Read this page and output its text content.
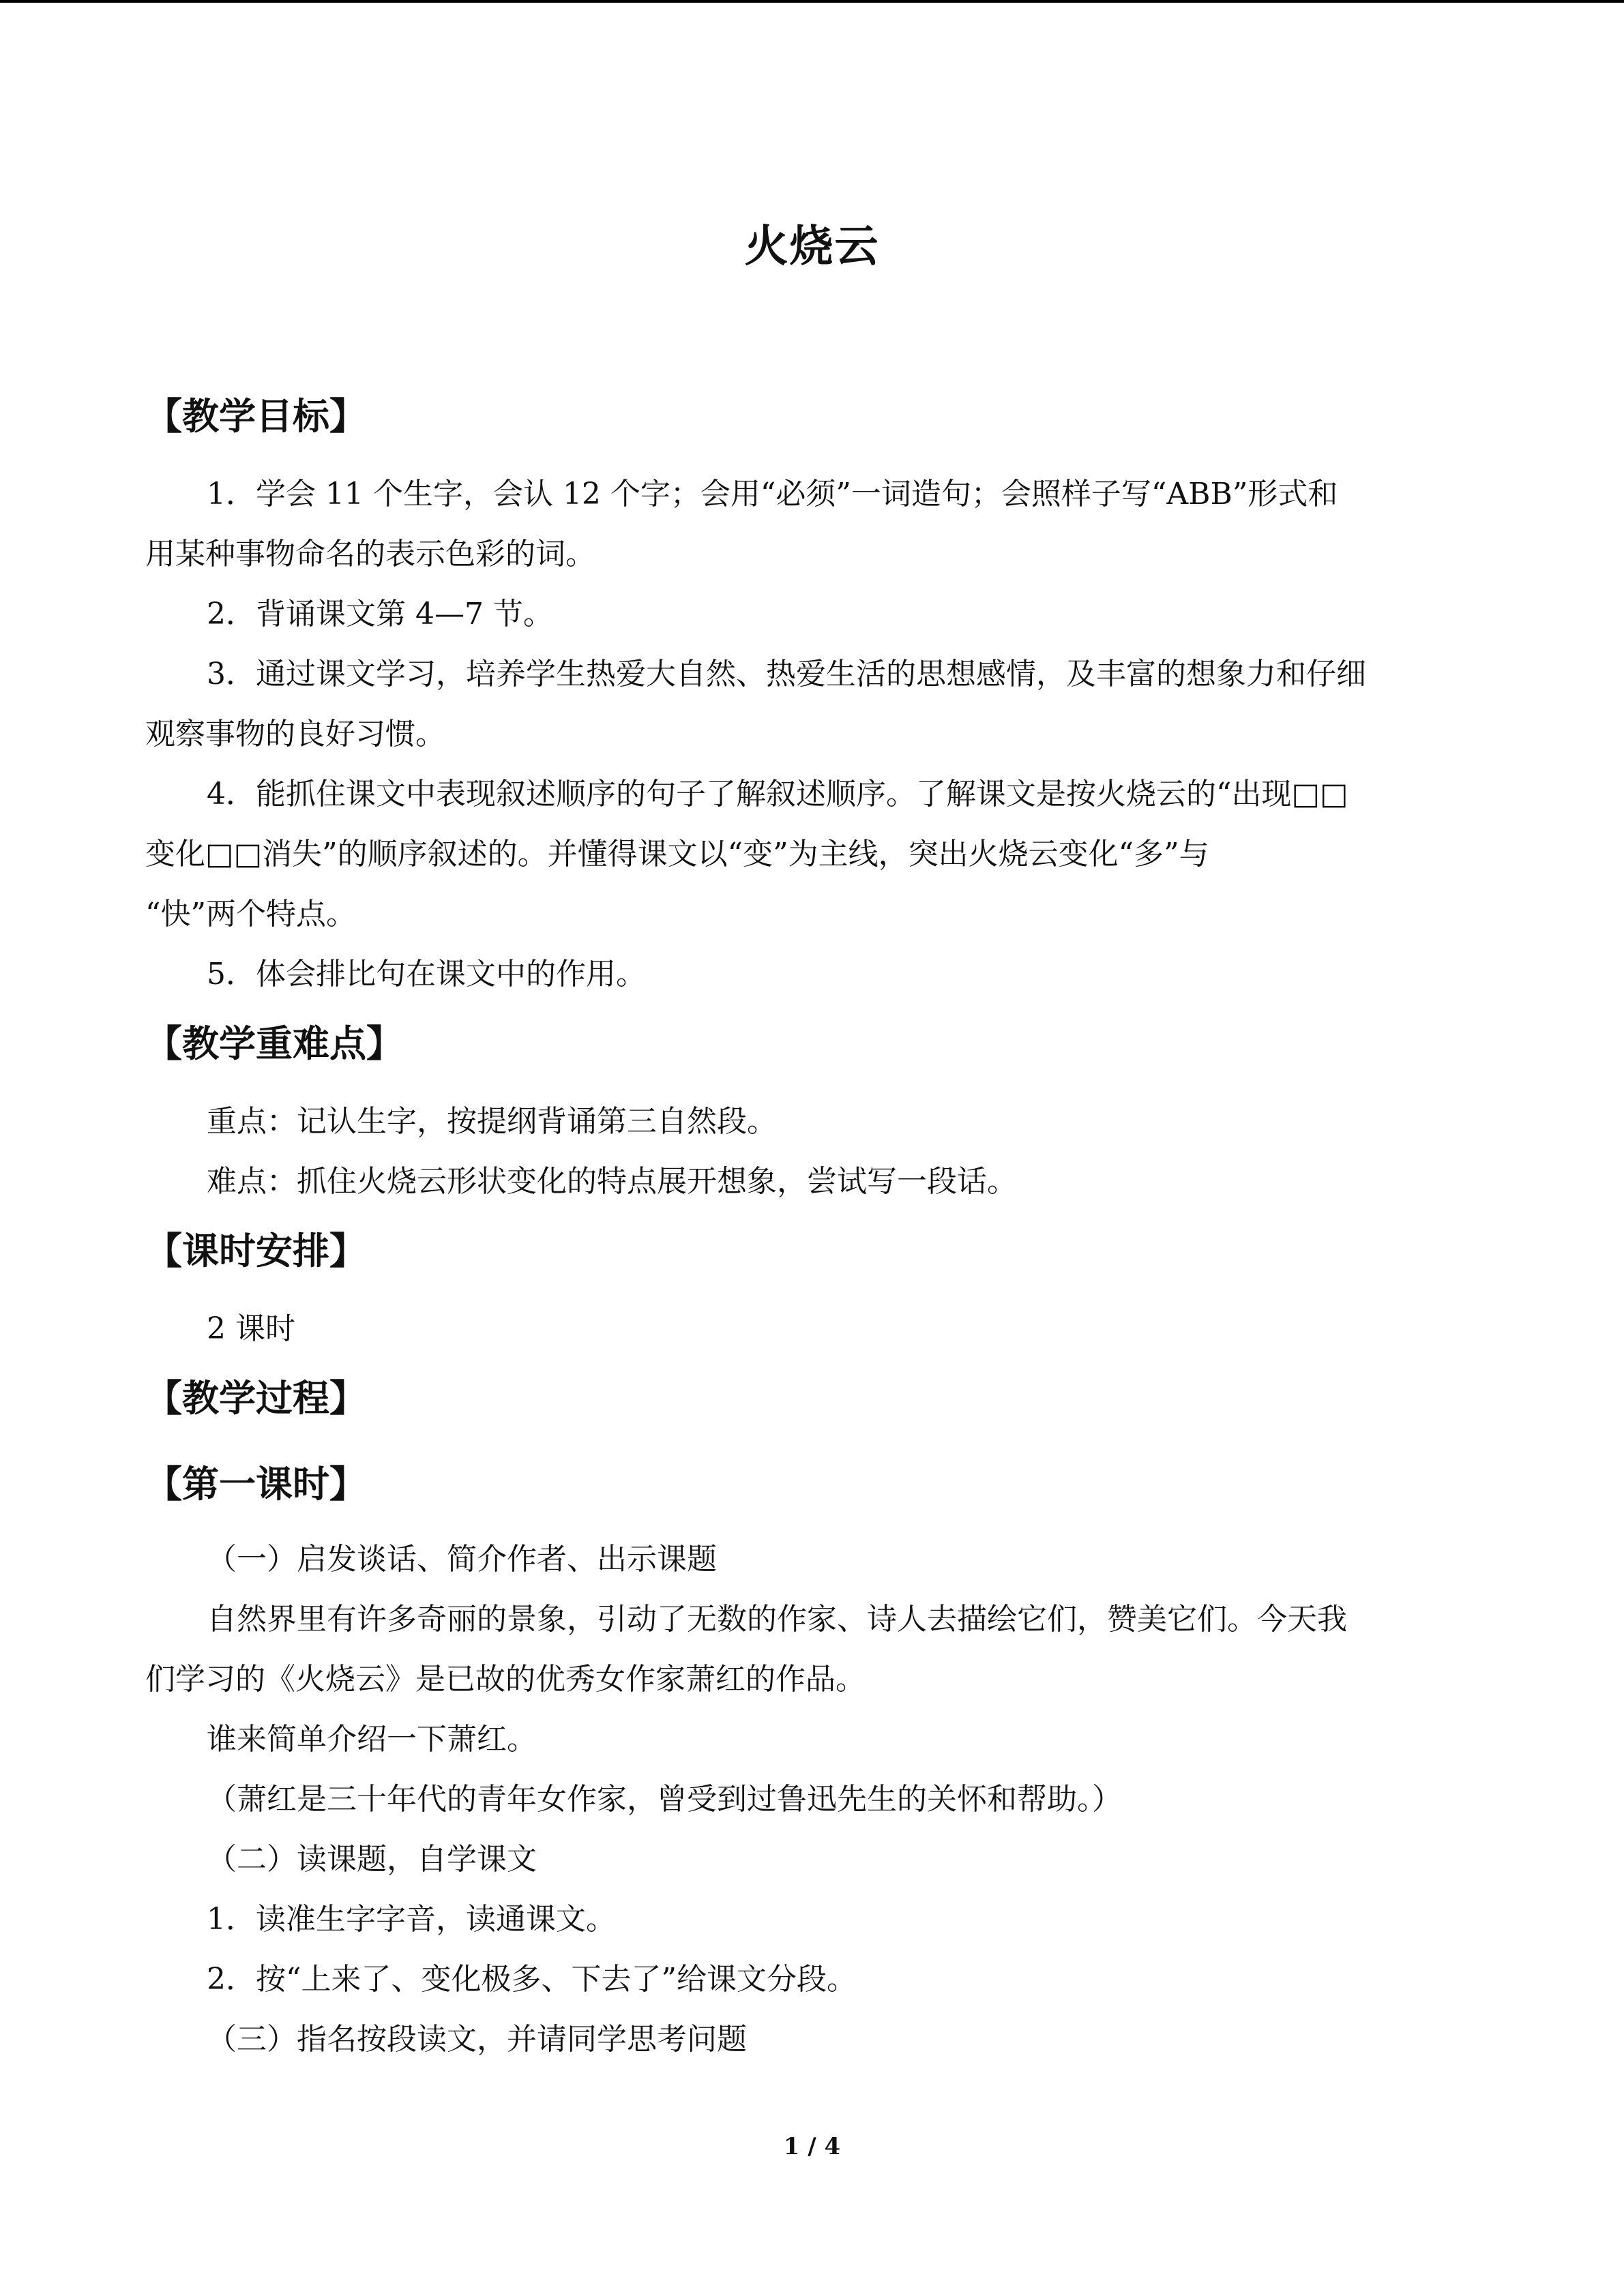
火烧云
【教学目标】
1．学会 11 个生字，会认 12 个字；会用“必须”一词造句；会照样子写“ABB”形式和
用某种事物命名的表示色彩的词。
2．背诵课文第 4—7 节。
3．通过课文学习，培养学生热爱大自然、热爱生活的思想感情，及丰富的想象力和仔细
观察事物的良好习惯。
4．能抓住课文中表现叙述顺序的句子了解叙述顺序。了解课文是按火烧云的“出现□□
变化□□消失”的顺序叙述的。并懂得课文以“变”为主线，突出火烧云变化“多”与
“快”两个特点。
5．体会排比句在课文中的作用。
【教学重难点】
重点：记认生字，按提纲背诵第三自然段。
难点：抓住火烧云形状变化的特点展开想象，尝试写一段话。
【课时安排】
2 课时
【教学过程】
【第一课时】
（一）启发谈话、简介作者、出示课题
自然界里有许多奇丽的景象，引动了无数的作家、诗人去描绘它们，赞美它们。今天我
们学习的《火烧云》是已故的优秀女作家萧红的作品。
谁来简单介绍一下萧红。
（萧红是三十年代的青年女作家，曾受到过鲁迅先生的关怀和帮助。）
（二）读课题，自学课文
1．读准生字字音，读通课文。
2．按“上来了、变化极多、下去了”给课文分段。
（三）指名按段读文，并请同学思考问题
1 / 4
